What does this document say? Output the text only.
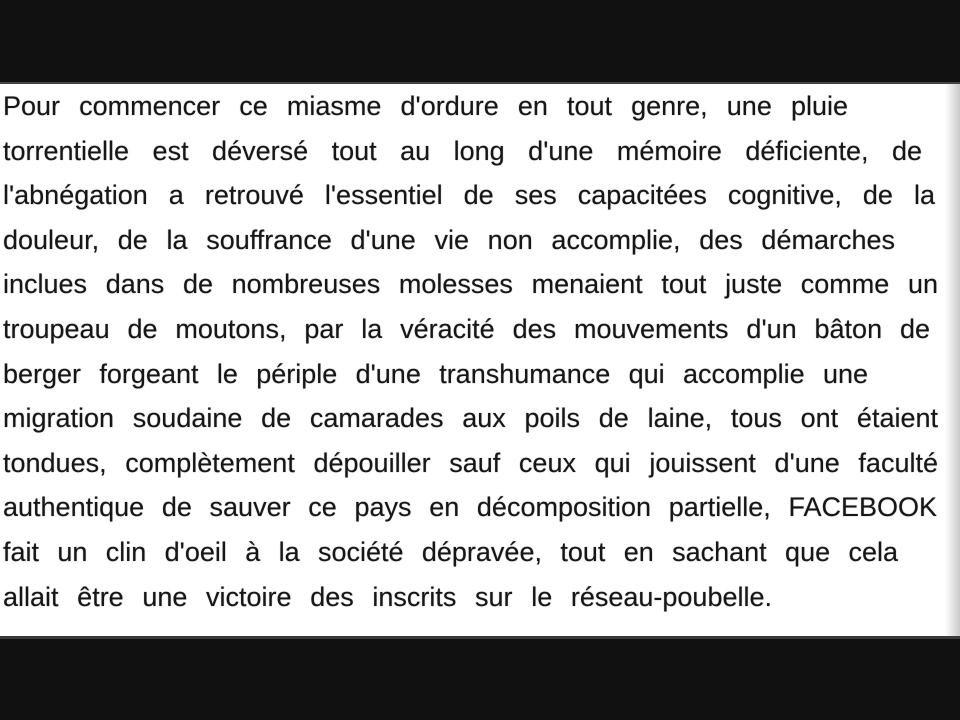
Pour commencer ce miasme d'ordure en tout genre, une pluie
torrentielle est déversé tout au long d'une mémoire déficiente, de
l'abnégation a retrouvé l'essentiel de ses capacitées cognitive, de la
douleur, de la souffrance d'une vie non accomplie, des démarches
inclues dans de nombreuses molesses menaient tout juste comme un
troupeau de moutons, par la véracité des mouvements d'un bâton de
berger forgeant le périple d'une transhumance qui accomplie une
migration soudaine de camarades aux poils de laine, tous ont étaient
tondues, complètement dépouiller sauf ceux qui jouissent d'une faculté
authentique de sauver ce pays en décomposition partielle, FACEBOOK
fait un clin d'oeil à la société dépravée, tout en sachant que cela
allait être une victoire des inscrits sur le réseau-poubelle.
